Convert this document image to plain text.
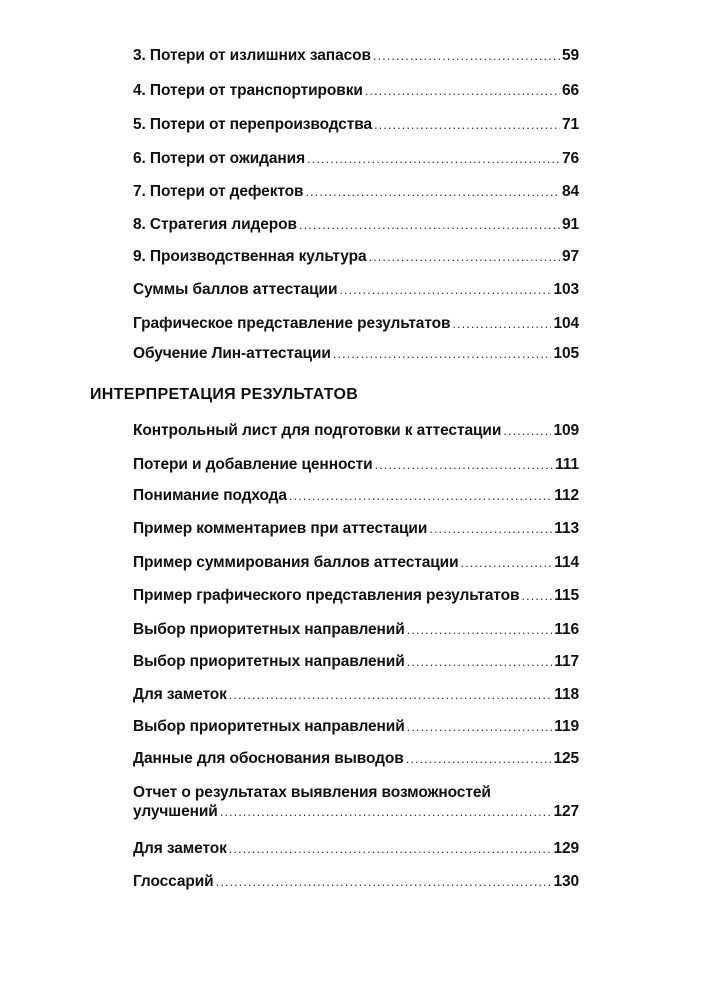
3. Потери от излишних запасов .....	59
4. Потери от транспортировки .....	66
5. Потери от перепроизводства .....	71
6. Потери от ожидания .....	76
7. Потери от дефектов .....	84
8. Стратегия лидеров .....	91
9. Производственная культура .....	97
Суммы баллов аттестации .....	103
Графическое представление результатов .....	104
Обучение Лин-аттестации .....	105
ИНТЕРПРЕТАЦИЯ РЕЗУЛЬТАТОВ
Контрольный лист для подготовки к аттестации .....	109
Потери и добавление ценности .....	111
Понимание подхода .....	112
Пример комментариев при аттестации .....	113
Пример суммирования баллов аттестации .....	114
Пример графического представления результатов ..... 115
Выбор приоритетных направлений .....	116
Выбор приоритетных направлений .....	117
Для заметок .....	118
Выбор приоритетных направлений .....	119
Данные для обоснования выводов .....	125
Отчет о результатах выявления возможностей
улучшений .....	127
Для заметок .....	129
Глоссарий .....	130
